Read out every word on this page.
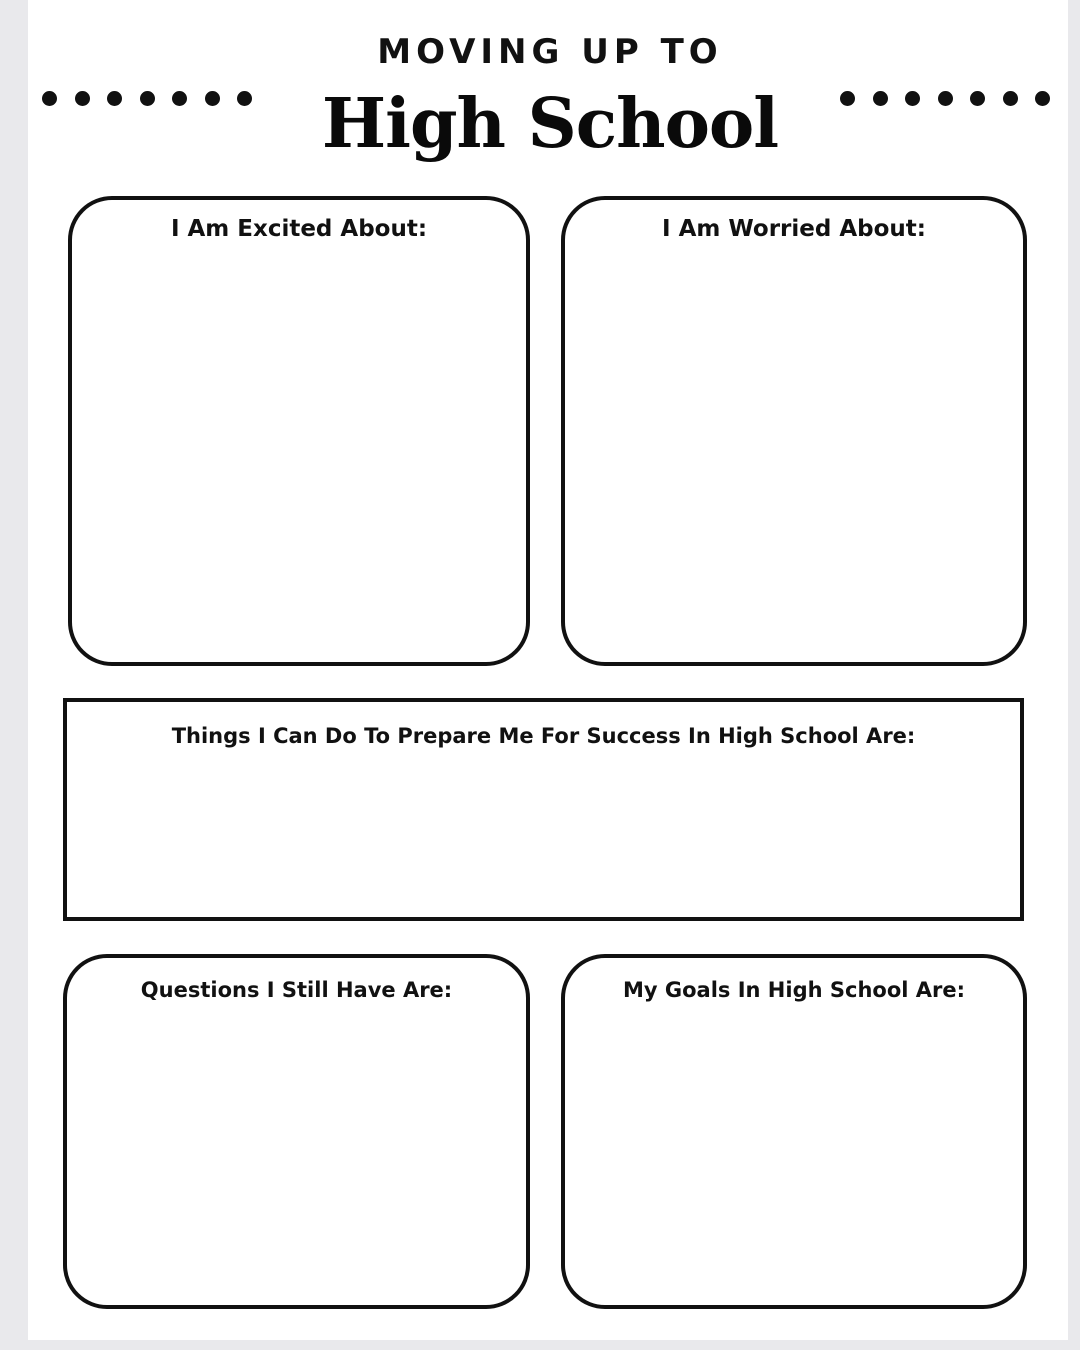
MOVING UP TO
High School
I Am Excited About:	I Am Worried About:
Things I Can Do To Prepare Me For Success In High School Are:
Questions I Still Have Are:	My Goals In High School Are:
